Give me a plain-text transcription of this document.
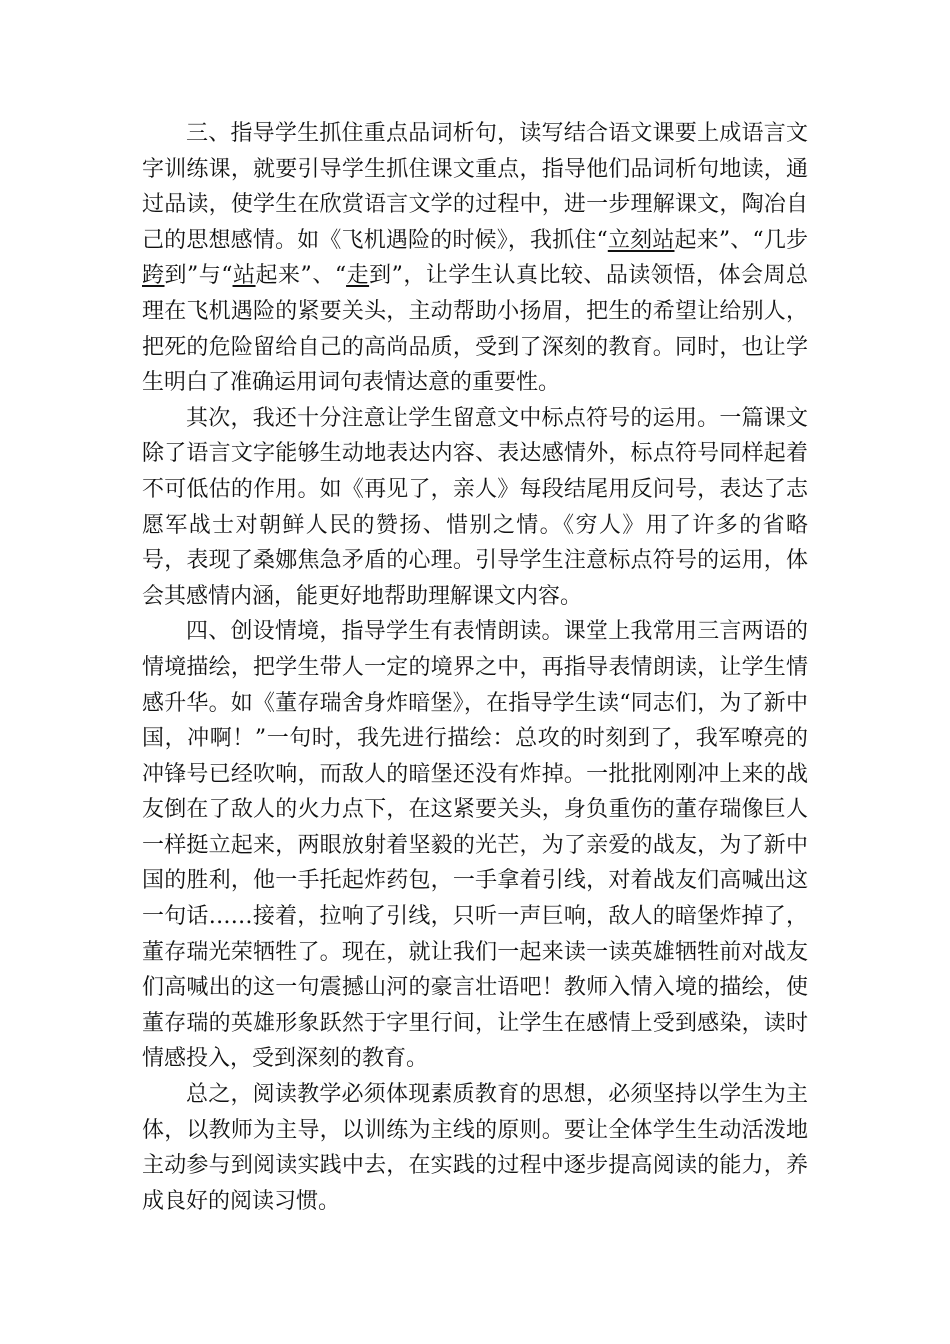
三、指导学生抓住重点品词析句，读写结合语文课要上成语言文字训练课，就要引导学生抓住课文重点，指导他们品词析句地读，通过品读，使学生在欣赏语言文学的过程中，进一步理解课文，陶冶自己的思想感情。如《飞机遇险的时候》，我抓住“立刻站起来”、“几步跨到”与“站起来”、“走到”，让学生认真比较、品读领悟，体会周总理在飞机遇险的紧要关头，主动帮助小扬眉，把生的希望让给别人，把死的危险留给自己的高尚品质，受到了深刻的教育。同时，也让学生明白了准确运用词句表情达意的重要性。

其次，我还十分注意让学生留意文中标点符号的运用。一篇课文除了语言文字能够生动地表达内容、表达感情外，标点符号同样起着不可低估的作用。如《再见了，亲人》每段结尾用反问号，表达了志愿军战士对朝鲜人民的赞扬、惜别之情。《穷人》用了许多的省略号，表现了桑娜焦急矛盾的心理。引导学生注意标点符号的运用，体会其感情内涵，能更好地帮助理解课文内容。

四、创设情境，指导学生有表情朗读。课堂上我常用三言两语的情境描绘，把学生带人一定的境界之中，再指导表情朗读，让学生情感升华。如《董存瑞舍身炸暗堡》，在指导学生读“同志们，为了新中国，冲啊！”一句时，我先进行描绘：总攻的时刻到了，我军嘹亮的冲锋号已经吹响，而敌人的暗堡还没有炸掉。一批批刚刚冲上来的战友倒在了敌人的火力点下，在这紧要关头，身负重伤的董存瑞像巨人一样挺立起来，两眼放射着坚毅的光芒，为了亲爱的战友，为了新中国的胜利，他一手托起炸药包，一手拿着引线，对着战友们高喊出这一句话……接着，拉响了引线，只听一声巨响，敌人的暗堡炸掉了，董存瑞光荣牺牲了。现在，就让我们一起来读一读英雄牺牲前对战友们高喊出的这一句震撼山河的豪言壮语吧！教师入情入境的描绘，使董存瑞的英雄形象跃然于字里行间，让学生在感情上受到感染，读时情感投入，受到深刻的教育。

总之，阅读教学必须体现素质教育的思想，必须坚持以学生为主体，以教师为主导，以训练为主线的原则。要让全体学生生动活泼地主动参与到阅读实践中去，在实践的过程中逐步提高阅读的能力，养成良好的阅读习惯。
